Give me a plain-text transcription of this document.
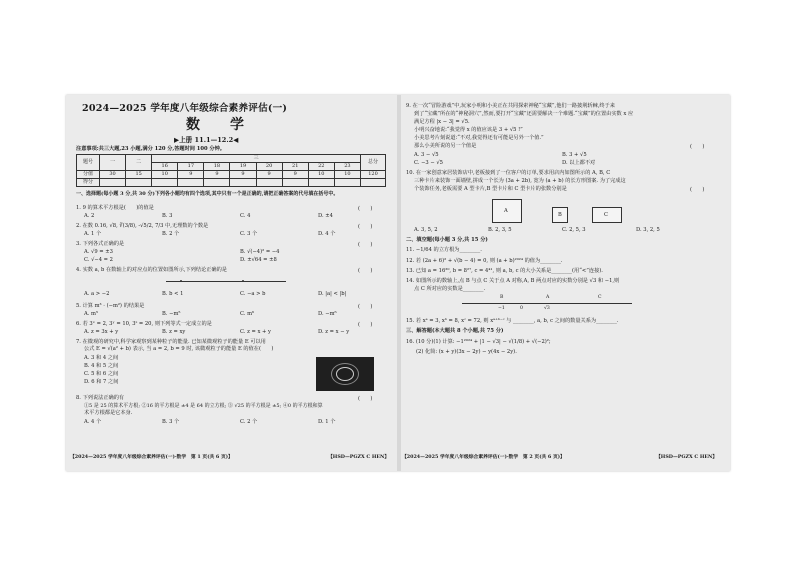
2024—2025 学年度八年级综合素养评估(一)
数　学
▶上册 11.1—12.2◀
注意事项:共三大题,23 小题,满分 120 分,答题时间 100 分钟。
题号	一	二	三								总分
			16	17	18	19	20	21	22	23	
分值	30	15	10	9	9	9	9	9	10	10	120
得分											
一、选择题(每小题 3 分,共 30 分)下列各小题均有四个选项,其中只有一个是正确的,请把正确答案的代号填在括号中。
1. 9 的算术平方根是(　　)的值是	(　　)
A. 2	B. 3	C. 4	D. ±4
2. 在数 0.16, √8, ∛(3/8), -√5/2, 7/3 中,无理数的个数是	(　　)
A. 1 个	B. 2 个	C. 3 个	D. 4 个
3. 下列各式正确的是	(　　)
A. √9 = ±3	B. √(−4)² = −4
C. √−4 = 2	D. ±√64 = ±8
4. 实数 a, b 在数轴上的对应点的位置如图所示,下列结论正确的是	(　　)
A. a > −2	B. b < 1	C. −a > b	D. |a| < |b|
5. 计算 m³ · (−m²) 的结果是	(　　)
A. m⁵	B. −m⁵	C. m⁶	D. −m⁶
6. 若 3ˣ = 2, 3ʸ = 10, 3ᶻ = 20, 则下列等式一定成立的是	(　　)
A. z = 3x + y	B. z = xy	C. z = x + y	D. z = x − y
7. 在微观的研究中,科学家观察到某种粒子的能量. 已知某微观粒子的能量 E 可以用
公式 E = √(a² + b) 表示, 当 a = 2, b = 9 时, 该微观粒子的能量 E 的值在(　　)
A. 3 和 4 之间
B. 4 和 5 之间
C. 5 和 6 之间
D. 6 和 7 之间
8. 下列说法正确的有	(　　)
①5 是 25 的算术平方根; ②16 的平方根是 ±4 是 64 的立方根; ③ √25 的平方根是 ±5; ④0 的平方根和算
术平方根都是它本身.
A. 4 个	B. 3 个	C. 2 个	D. 1 个
【2024—2025 学年度八年级综合素养评估(一)·数学　第 1 页(共 6 页)】	【HSD—PGZX C HEN】
9. 在一次“冒险游戏”中,玩家小明和小美正在共同探索神秘“宝藏”,他们一路披荆斩棘,终于来
到了“宝藏”所在的“神秘洞穴”,然而,要打开“宝藏”还需要解决一个难题.“宝藏”的位置由实数 x 应
满足方程 |x − 3| = √5.
小明兴奋地说:“我觉得 x 的值应该是 3 + √5 !”
小美思考片刻说道:“不对,我觉得还有可能是另外一个值.”
那么小美所说的另一个值是	(　　)
A. 3 − √5	B. 3 + √5
C. −3 − √5	D. 以上都不对
10. 在一家创意家居装饰店中,老板接到了一位客户的订单,要求用店内如图所示的 A, B, C
三种卡片来装饰一面墙壁,拼成一个长为 (3a + 2b), 宽为 (a + b) 的长方形图案. 为了完成这
个装饰任务,老板需要 A 型卡片,B 型卡片和 C 型卡片的张数分别是	(　　)
A
B	C
A. 3, 5, 2	B. 2, 3, 5	C. 2, 5, 3	D. 3, 2, 5
二、填空题(每小题 3 分,共 15 分)
11. −1/64 的立方根为________.
12. 若 (2a + 6)² + √(b − 4) = 0, 则 (a + b)²⁰²⁴ 的值为________.
13. 已知 a = 16²⁰, b = 8²⁷, c = 4⁴¹, 则 a, b, c 的大小关系是________(用“<”连接).
14. 如图所示的数轴上,点 B 与点 C 关于点 A 对称,A, B 两点对应的实数分别是 √3 和 −1,则
点 C 所对应的实数是________.
B	A	C
−1	0	√3
15. 若 xᵃ = 3, xᵇ = 8, xᶜ = 72, 则 xᵃ⁺ᵇ⁻ᶜ 与 ________, a, b, c 之间的数量关系为________.
三、解答题(本大题共 8 个小题,共 75 分)
16. (10 分)(1) 计算: −1²⁰²⁴ + |1 − √3| − √(1/8) + √(−2)²;
(2) 化简: (x + y)(3x − 2y) − y(4x − 2y).
【2024—2025 学年度八年级综合素养评估(一)·数学　第 2 页(共 6 页)】	【HSD—PGZX C HEN】
